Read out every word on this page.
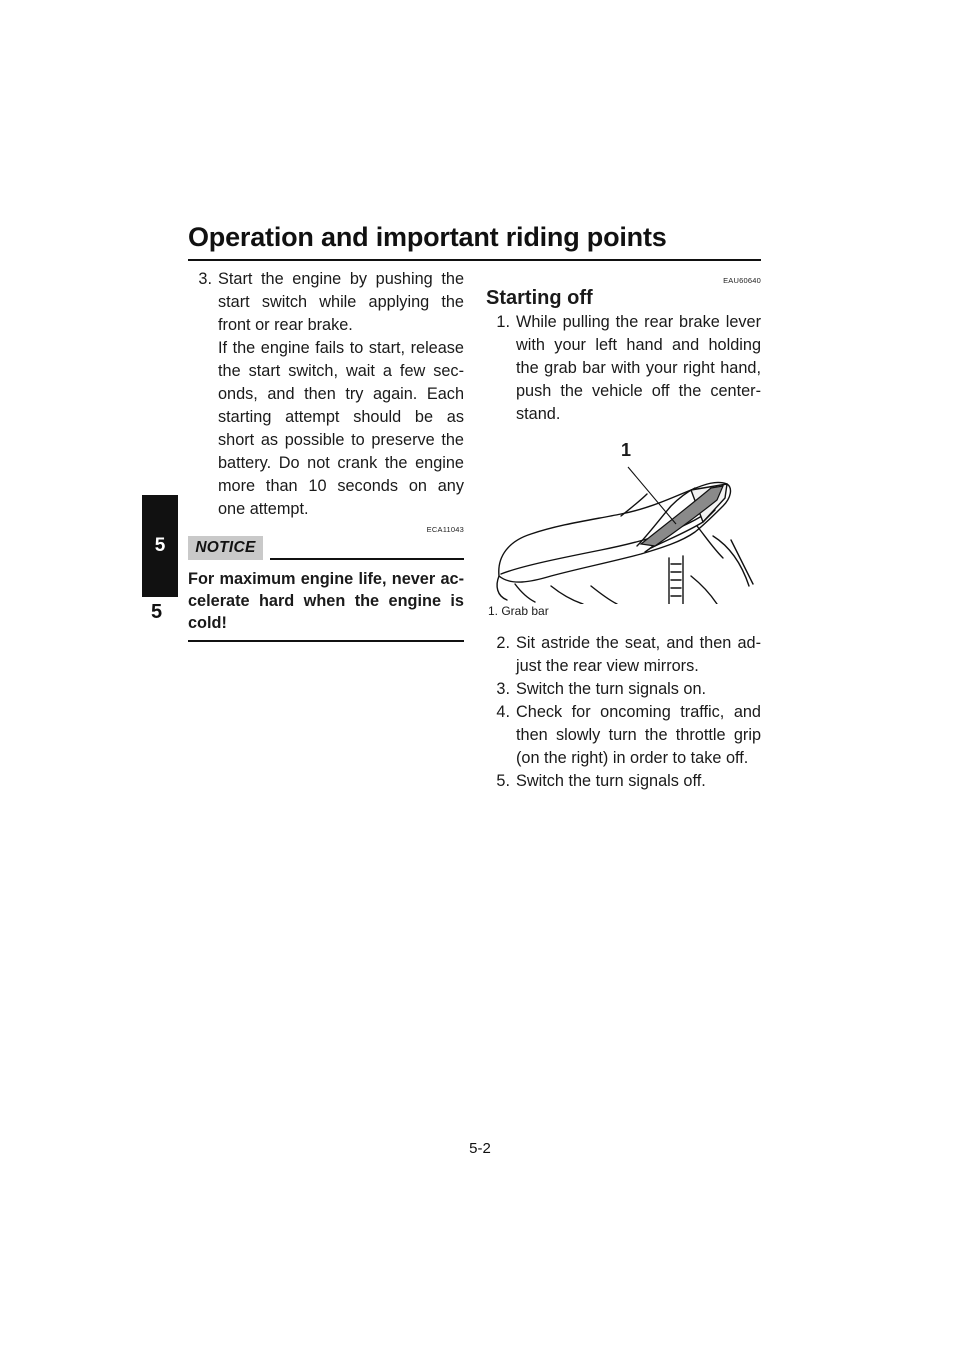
Operation and important riding points
5
5
3. Start the engine by pushing the start switch while applying the front or rear brake.
If the engine fails to start, release the start switch, wait a few sec- onds, and then try again. Each starting attempt should be as short as possible to preserve the battery. Do not crank the engine more than 10 seconds on any one attempt.
ECA11043
NOTICE
For maximum engine life, never ac- celerate hard when the engine is cold!
EAU60640
Starting off
1. While pulling the rear brake lever with your left hand and holding the grab bar with your right hand, push the vehicle off the center- stand.
1
1. Grab bar
2. Sit astride the seat, and then ad- just the rear view mirrors.
3. Switch the turn signals on.
4. Check for oncoming traffic, and then slowly turn the throttle grip (on the right) in order to take off.
5. Switch the turn signals off.
5-2
